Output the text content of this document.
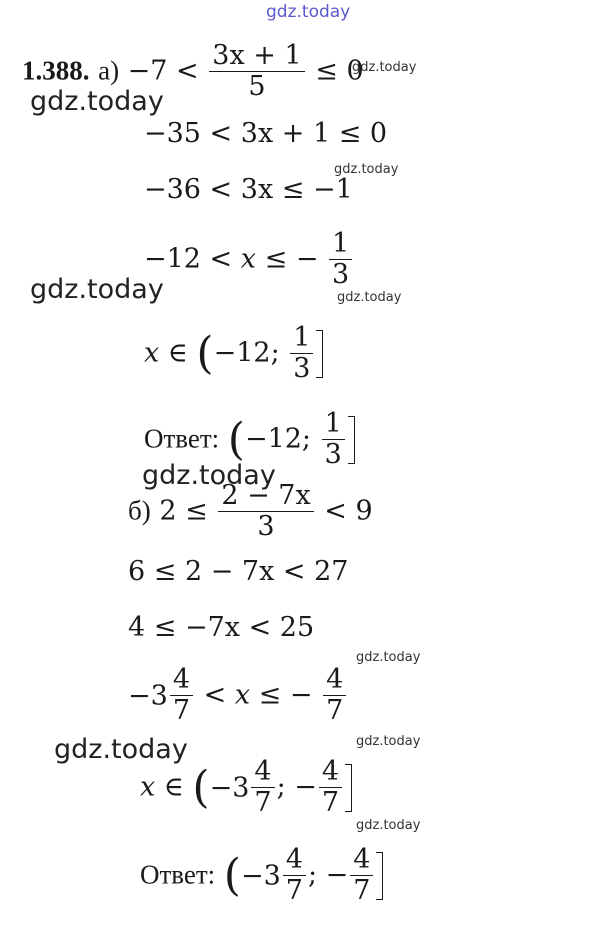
gdz.today
gdz.today
gdz.today
gdz.today
gdz.today	gdz.today
gdz.today
gdz.today
gdz.today	gdz.today
gdz.today
1.388. $а) -7 < \frac{3x + 1}{5} \le 0$
−35 < 3x + 1 ≤ 0
−36 < 3x ≤ −1
−12 < x ≤ − $\frac{1}{3}$
x ∈ (−12; $\frac{1}{3}$
Ответ: (−12; $\frac{1}{3}$
б) $2 \le \frac{2 - 7x}{3} < 9$
6 ≤ 2 − 7x < 27
4 ≤ −7x < 25
$-3 \frac{4}{7} < x$ ≤ − $\frac{4}{7}$
x ∈ ($-3 \frac{4}{7}$ ; − $\frac{4}{7}$
Ответ: ($-3 \frac{4}{7}$ ; − $\frac{4}{7}$
